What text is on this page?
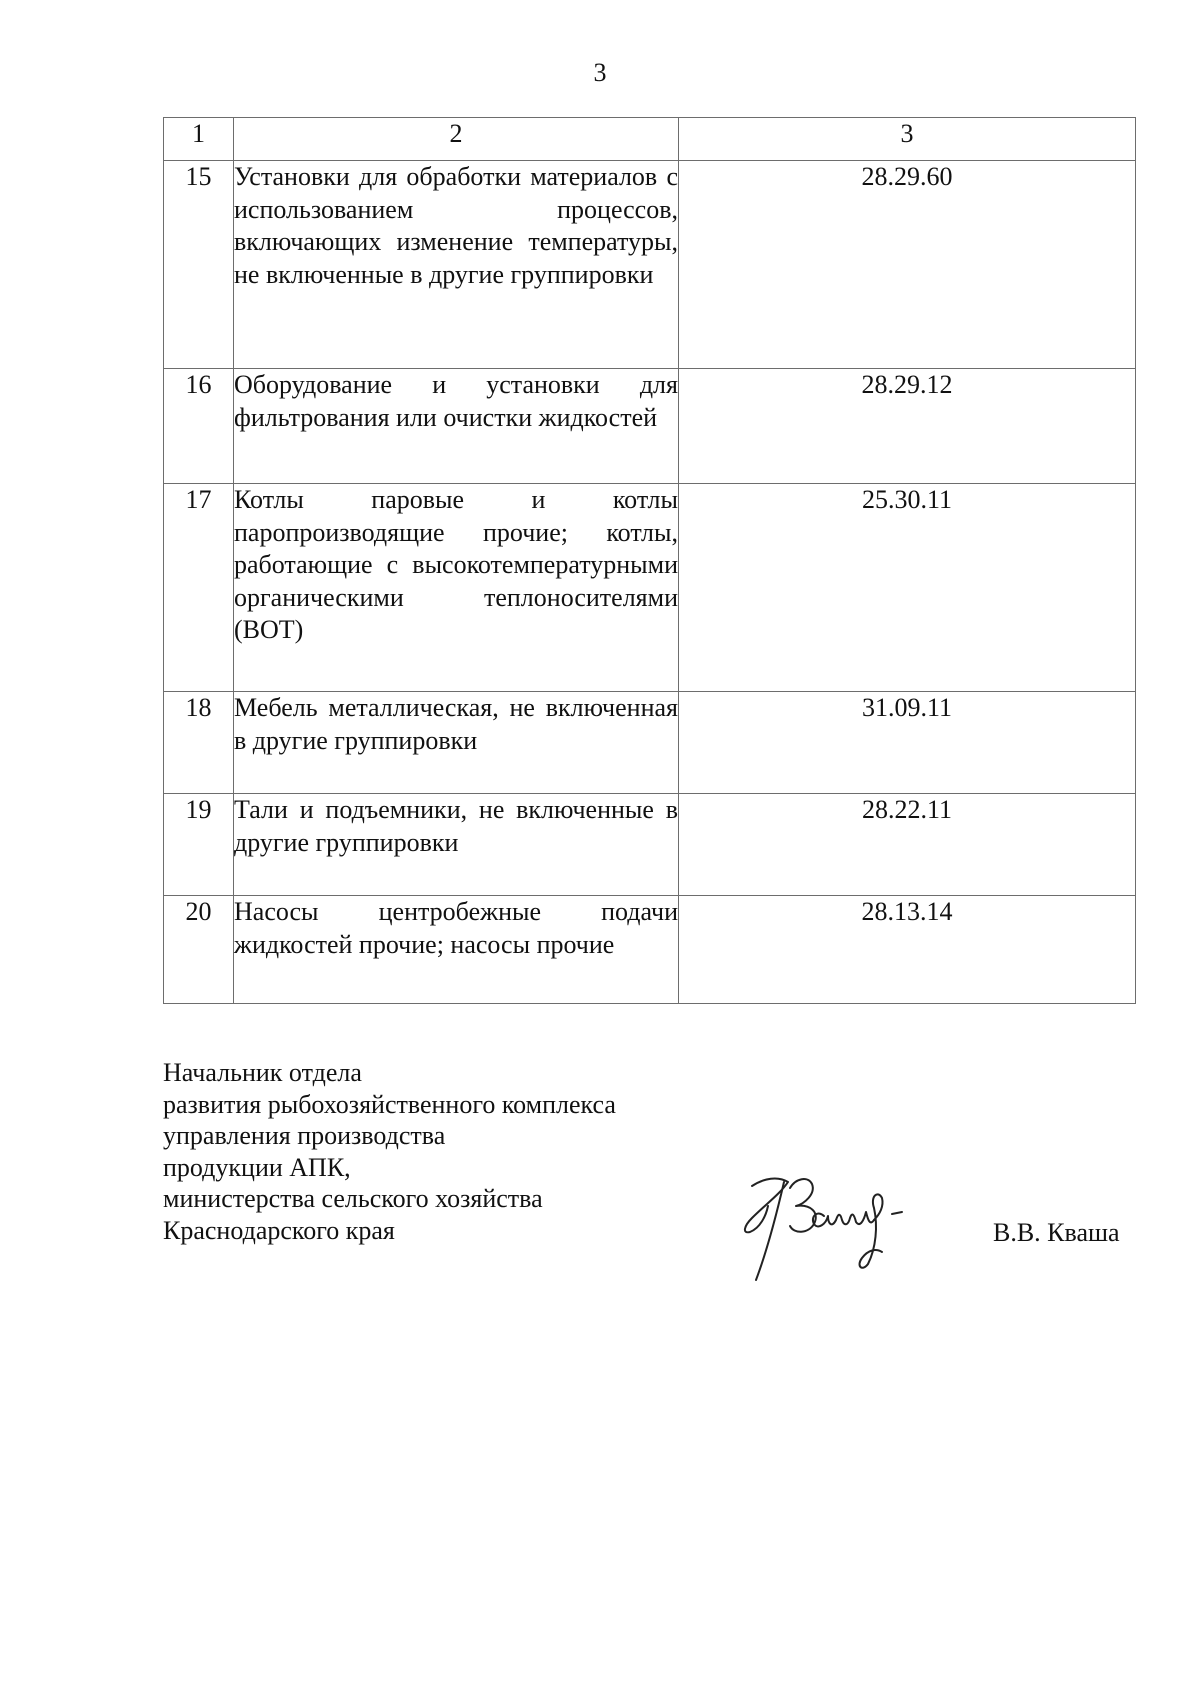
3
1	2	3
15	Установки для обработки материалов с использованием процессов, включающих изменение температуры, не включенные в другие группировки	28.29.60
16	Оборудование и установки для фильтрования или очистки жидкостей	28.29.12
17	Котлы паровые и котлы паропроизводящие прочие; котлы, работающие с высокотемпературными органическими теплоносителями (ВОТ)	25.30.11
18	Мебель металлическая, не включенная в другие группировки	31.09.11
19	Тали и подъемники, не включенные в другие группировки	28.22.11
20	Насосы центробежные подачи жидкостей прочие; насосы прочие	28.13.14
Начальник отдела
развития рыбохозяйственного комплекса
управления производства
продукции АПК,
министерства сельского хозяйства
Краснодарского края	В.В. Кваша
